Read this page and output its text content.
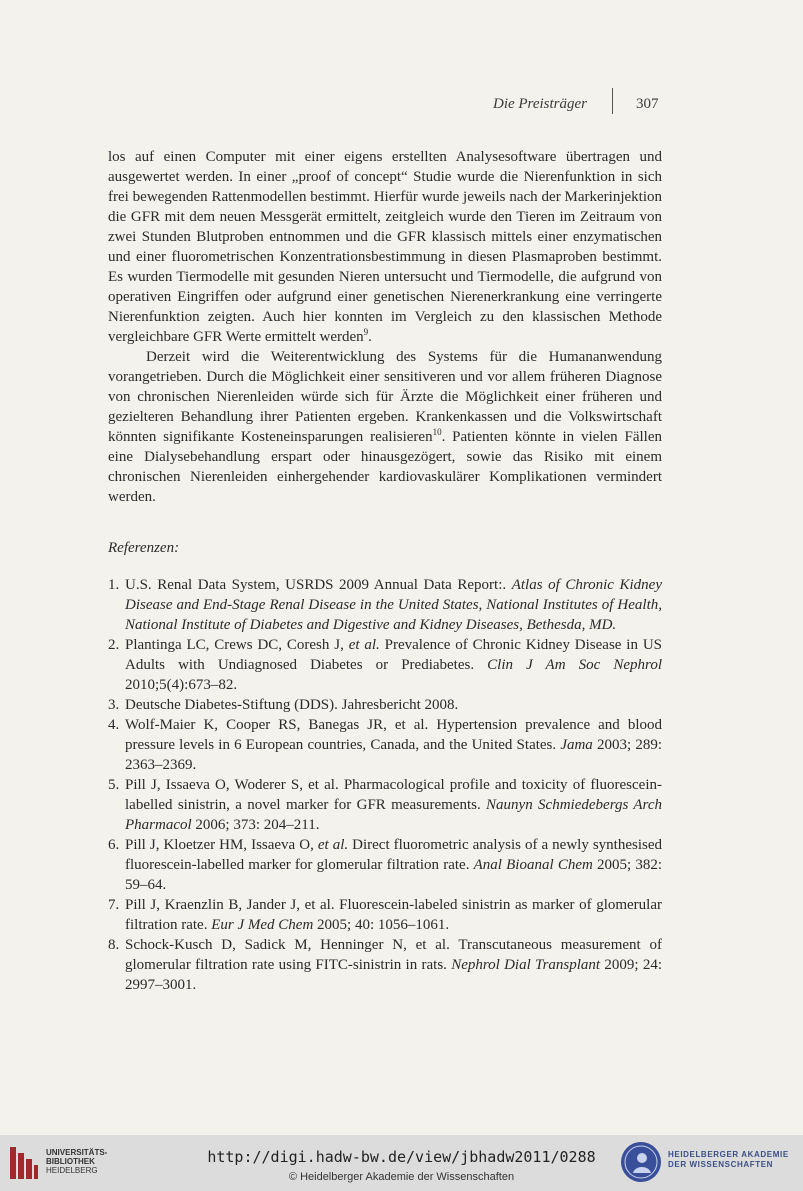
Die Preisträger	307

los auf einen Computer mit einer eigens erstellten Analysesoftware übertragen und ausgewertet werden. In einer „proof of concept“ Studie wurde die Nierenfunktion in sich frei bewegenden Rattenmodellen bestimmt. Hierfür wurde jeweils nach der Markerinjektion die GFR mit dem neuen Messgerät ermittelt, zeitgleich wurde den Tieren im Zeitraum von zwei Stunden Blutproben entnommen und die GFR klassisch mittels einer enzymatischen und einer fluorometrischen Konzentrationsbestimmung in diesen Plasmaproben bestimmt. Es wurden Tiermodelle mit gesunden Nieren untersucht und Tiermodelle, die aufgrund von operativen Eingriffen oder aufgrund einer genetischen Nierenerkrankung eine verringerte Nierenfunktion zeigten. Auch hier konnten im Vergleich zu den klassischen Methode vergleichbare GFR Werte ermittelt werden$^9$.

Derzeit wird die Weiterentwicklung des Systems für die Humananwendung vorangetrieben. Durch die Möglichkeit einer sensitiveren und vor allem früheren Diagnose von chronischen Nierenleiden würde sich für Ärzte die Möglichkeit einer früheren und gezielteren Behandlung ihrer Patienten ergeben. Krankenkassen und die Volkswirtschaft könnten signifikante Kosteneinsparungen realisieren$^{10}$. Patienten könnte in vielen Fällen eine Dialysebehandlung erspart oder hinausgezögert, sowie das Risiko mit einem chronischen Nierenleiden einhergehender kardiovaskulärer Komplikationen vermindert werden.

Referenzen:

1. U.S. Renal Data System, USRDS 2009 Annual Data Report:. Atlas of Chronic Kidney Disease and End-Stage Renal Disease in the United States, National Institutes of Health, National Institute of Diabetes and Digestive and Kidney Diseases, Bethesda, MD.
2. Plantinga LC, Crews DC, Coresh J, et al. Prevalence of Chronic Kidney Disease in US Adults with Undiagnosed Diabetes or Prediabetes. Clin J Am Soc Nephrol 2010;5(4):673–82.
3. Deutsche Diabetes-Stiftung (DDS). Jahresbericht 2008.
4. Wolf-Maier K, Cooper RS, Banegas JR, et al. Hypertension prevalence and blood pressure levels in 6 European countries, Canada, and the United States. Jama 2003; 289: 2363–2369.
5. Pill J, Issaeva O, Woderer S, et al. Pharmacological profile and toxicity of fluorescein-labelled sinistrin, a novel marker for GFR measurements. Naunyn Schmiedebergs Arch Pharmacol 2006; 373: 204–211.
6. Pill J, Kloetzer HM, Issaeva O, et al. Direct fluorometric analysis of a newly synthesised fluorescein-labelled marker for glomerular filtration rate. Anal Bioanal Chem 2005; 382: 59–64.
7. Pill J, Kraenzlin B, Jander J, et al. Fluorescein-labeled sinistrin as marker of glomerular filtration rate. Eur J Med Chem 2005; 40: 1056–1061.
8. Schock-Kusch D, Sadick M, Henninger N, et al. Transcutaneous measurement of glomerular filtration rate using FITC-sinistrin in rats. Nephrol Dial Transplant 2009; 24: 2997–3001.
UNIVERSITÄTS-
BIBLIOTHEK
HEIDELBERG
http://digi.hadw-bw.de/view/jbhadw2011/0288
© Heidelberger Akademie der Wissenschaften
HEIDELBERGER AKADEMIE
DER WISSENSCHAFTEN
